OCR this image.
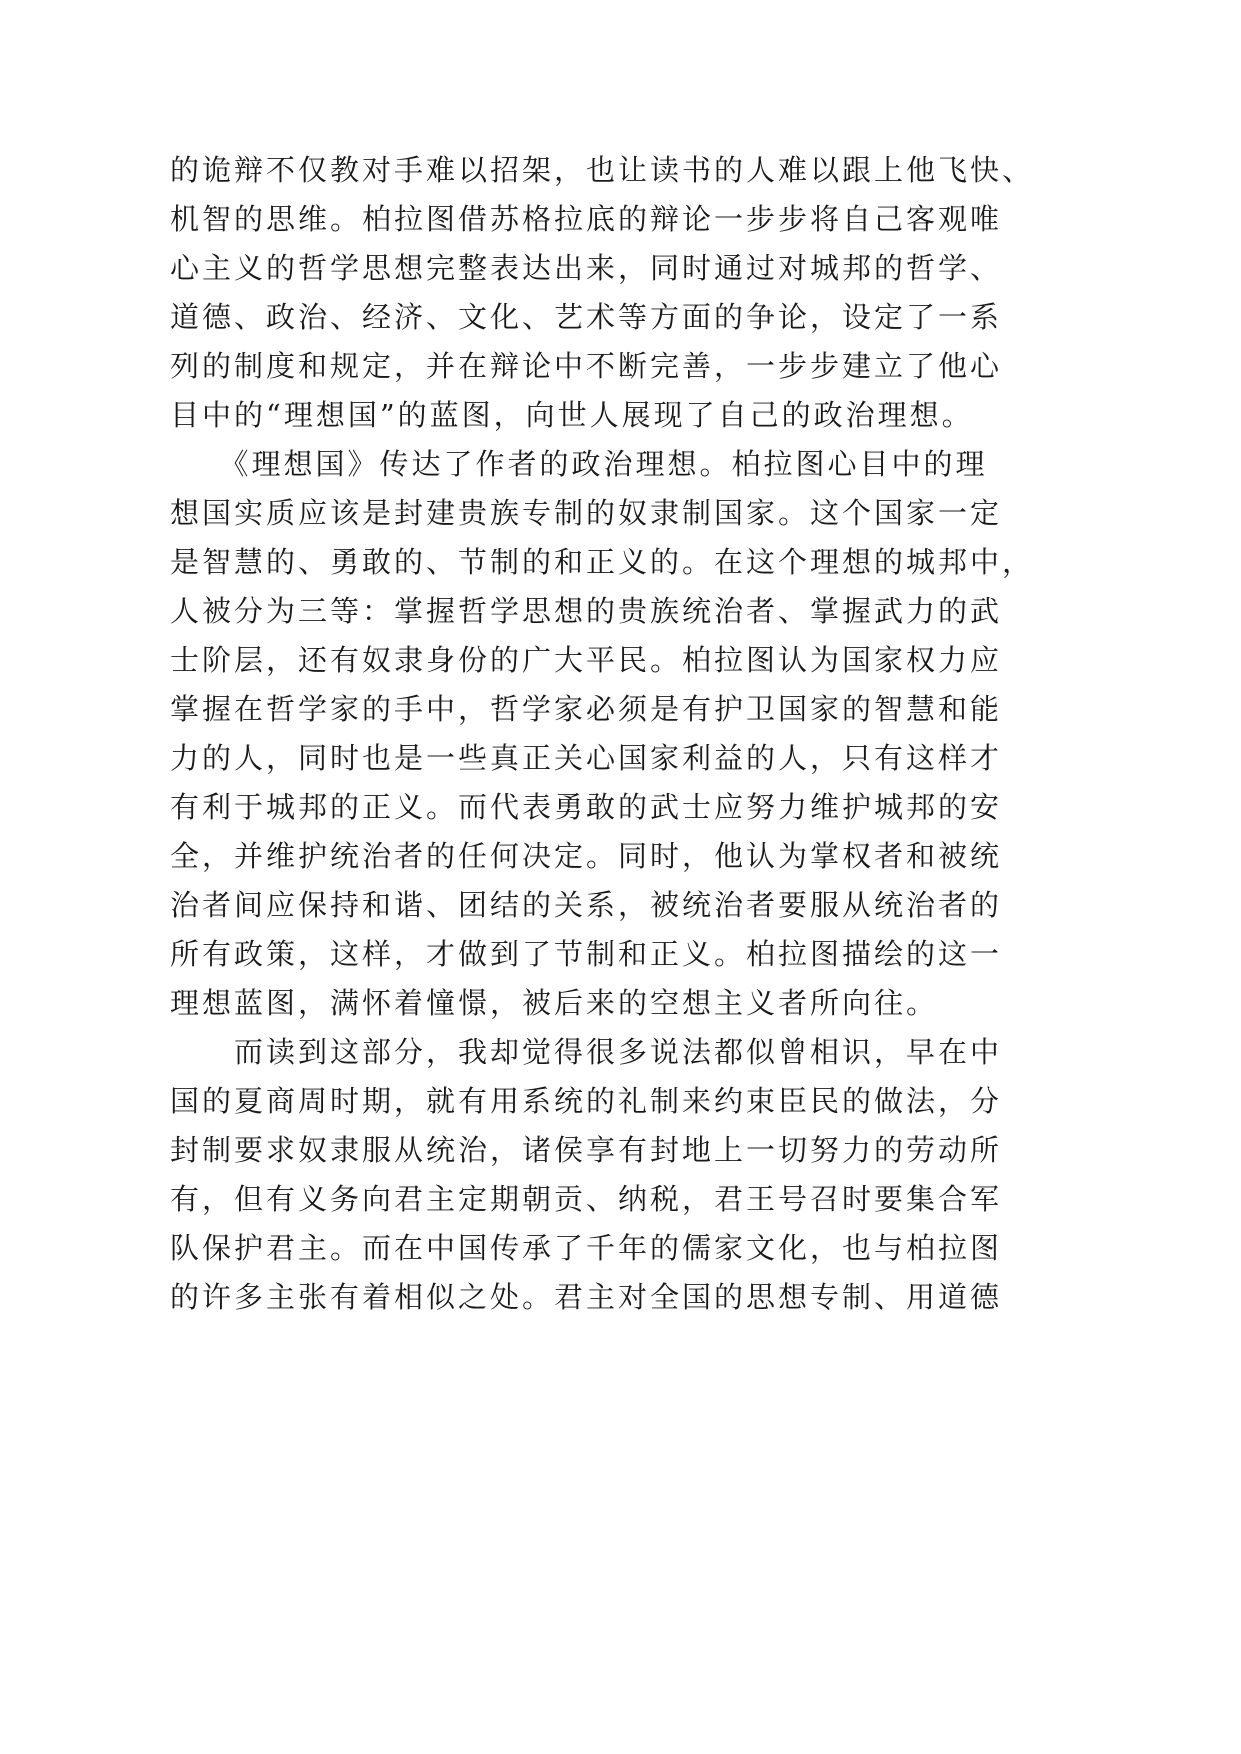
的诡辩不仅教对手难以招架，也让读书的人难以跟上他飞快、
机智的思维。柏拉图借苏格拉底的辩论一步步将自己客观唯
心主义的哲学思想完整表达出来，同时通过对城邦的哲学、
道德、政治、经济、文化、艺术等方面的争论，设定了一系
列的制度和规定，并在辩论中不断完善，一步步建立了他心
目中的“理想国”的蓝图，向世人展现了自己的政治理想。
　　《理想国》传达了作者的政治理想。柏拉图心目中的理
想国实质应该是封建贵族专制的奴隶制国家。这个国家一定
是智慧的、勇敢的、节制的和正义的。在这个理想的城邦中，
人被分为三等：掌握哲学思想的贵族统治者、掌握武力的武
士阶层，还有奴隶身份的广大平民。柏拉图认为国家权力应
掌握在哲学家的手中，哲学家必须是有护卫国家的智慧和能
力的人，同时也是一些真正关心国家利益的人，只有这样才
有利于城邦的正义。而代表勇敢的武士应努力维护城邦的安
全，并维护统治者的任何决定。同时，他认为掌权者和被统
治者间应保持和谐、团结的关系，被统治者要服从统治者的
所有政策，这样，才做到了节制和正义。柏拉图描绘的这一
理想蓝图，满怀着憧憬，被后来的空想主义者所向往。
　　而读到这部分，我却觉得很多说法都似曾相识，早在中
国的夏商周时期，就有用系统的礼制来约束臣民的做法，分
封制要求奴隶服从统治，诸侯享有封地上一切努力的劳动所
有，但有义务向君主定期朝贡、纳税，君王号召时要集合军
队保护君主。而在中国传承了千年的儒家文化，也与柏拉图
的许多主张有着相似之处。君主对全国的思想专制、用道德
